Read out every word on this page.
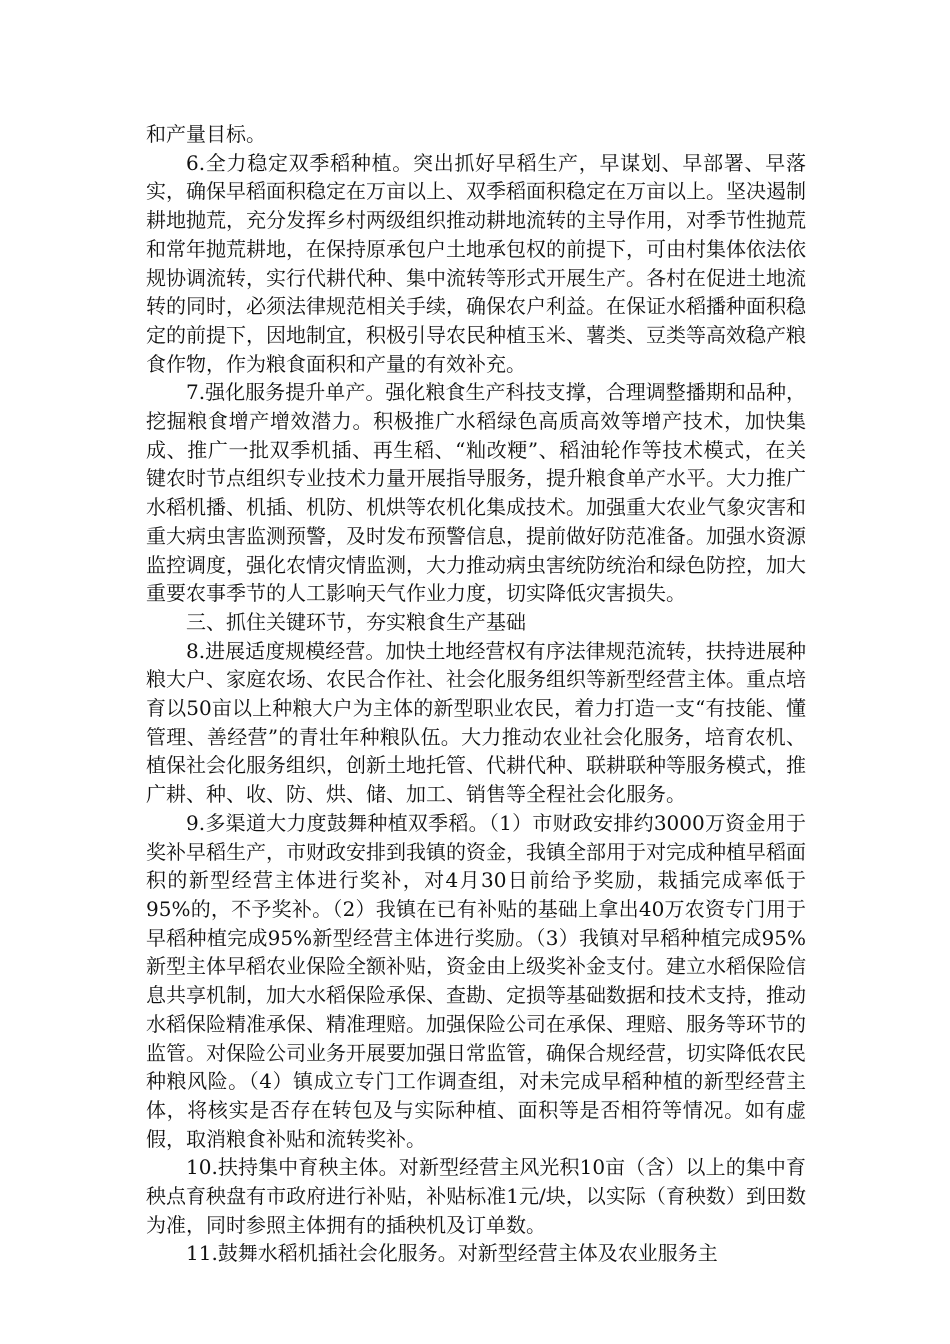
和产量目标。

6.全力稳定双季稻种植。突出抓好早稻生产，早谋划、早部署、早落实，确保早稻面积稳定在万亩以上、双季稻面积稳定在万亩以上。坚决遏制耕地抛荒，充分发挥乡村两级组织推动耕地流转的主导作用，对季节性抛荒和常年抛荒耕地，在保持原承包户土地承包权的前提下，可由村集体依法依规协调流转，实行代耕代种、集中流转等形式开展生产。各村在促进土地流转的同时，必须法律规范相关手续，确保农户利益。在保证水稻播种面积稳定的前提下，因地制宜，积极引导农民种植玉米、薯类、豆类等高效稳产粮食作物，作为粮食面积和产量的有效补充。

7.强化服务提升单产。强化粮食生产科技支撑，合理调整播期和品种，挖掘粮食增产增效潜力。积极推广水稻绿色高质高效等增产技术，加快集成、推广一批双季机插、再生稻、“籼改粳”、稻油轮作等技术模式，在关键农时节点组织专业技术力量开展指导服务，提升粮食单产水平。大力推广水稻机播、机插、机防、机烘等农机化集成技术。加强重大农业气象灾害和重大病虫害监测预警，及时发布预警信息，提前做好防范准备。加强水资源监控调度，强化农情灾情监测，大力推动病虫害统防统治和绿色防控，加大重要农事季节的人工影响天气作业力度，切实降低灾害损失。

三、抓住关键环节，夯实粮食生产基础

8.进展适度规模经营。加快土地经营权有序法律规范流转，扶持进展种粮大户、家庭农场、农民合作社、社会化服务组织等新型经营主体。重点培育以50亩以上种粮大户为主体的新型职业农民，着力打造一支“有技能、懂管理、善经营”的青壮年种粮队伍。大力推动农业社会化服务，培育农机、植保社会化服务组织，创新土地托管、代耕代种、联耕联种等服务模式，推广耕、种、收、防、烘、储、加工、销售等全程社会化服务。

9.多渠道大力度鼓舞种植双季稻。（1）市财政安排约3000万资金用于奖补早稻生产，市财政安排到我镇的资金，我镇全部用于对完成种植早稻面积的新型经营主体进行奖补，对4月30日前给予奖励，栽插完成率低于95%的，不予奖补。（2）我镇在已有补贴的基础上拿出40万农资专门用于早稻种植完成95%新型经营主体进行奖励。（3）我镇对早稻种植完成95%新型主体早稻农业保险全额补贴，资金由上级奖补金支付。建立水稻保险信息共享机制，加大水稻保险承保、查勘、定损等基础数据和技术支持，推动水稻保险精准承保、精准理赔。加强保险公司在承保、理赔、服务等环节的监管。对保险公司业务开展要加强日常监管，确保合规经营，切实降低农民种粮风险。（4）镇成立专门工作调查组，对未完成早稻种植的新型经营主体，将核实是否存在转包及与实际种植、面积等是否相符等情况。如有虚假，取消粮食补贴和流转奖补。

10.扶持集中育秧主体。对新型经营主风光积10亩（含）以上的集中育秧点育秧盘有市政府进行补贴，补贴标准1元/块，以实际（育秧数）到田数为准，同时参照主体拥有的插秧机及订单数。

11.鼓舞水稻机插社会化服务。对新型经营主体及农业服务主
